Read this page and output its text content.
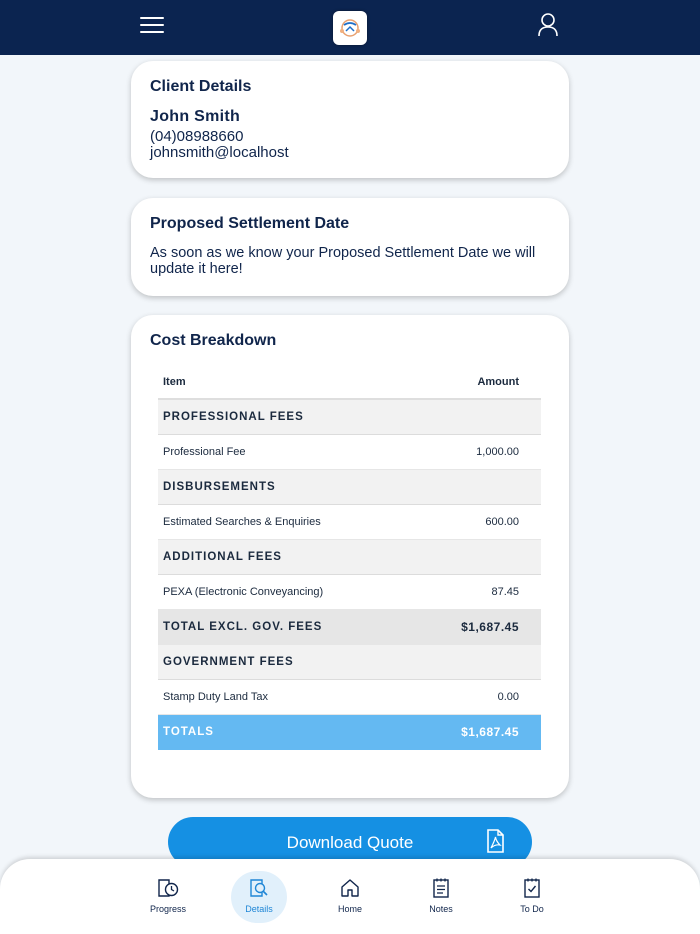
Client Details
John Smith
(04)08988660
johnsmith@localhost
Proposed Settlement Date
As soon as we know your Proposed Settlement Date we will update it here!
Cost Breakdown
Item	Amount
PROFESSIONAL FEES
Professional Fee	1,000.00
DISBURSEMENTS
Estimated Searches & Enquiries	600.00
ADDITIONAL FEES
PEXA (Electronic Conveyancing)	87.45
TOTAL EXCL. GOV. FEES	$1,687.45
GOVERNMENT FEES
Stamp Duty Land Tax	0.00
TOTALS	$1,687.45
Download Quote
Progress	Details	Home	Notes	To Do
